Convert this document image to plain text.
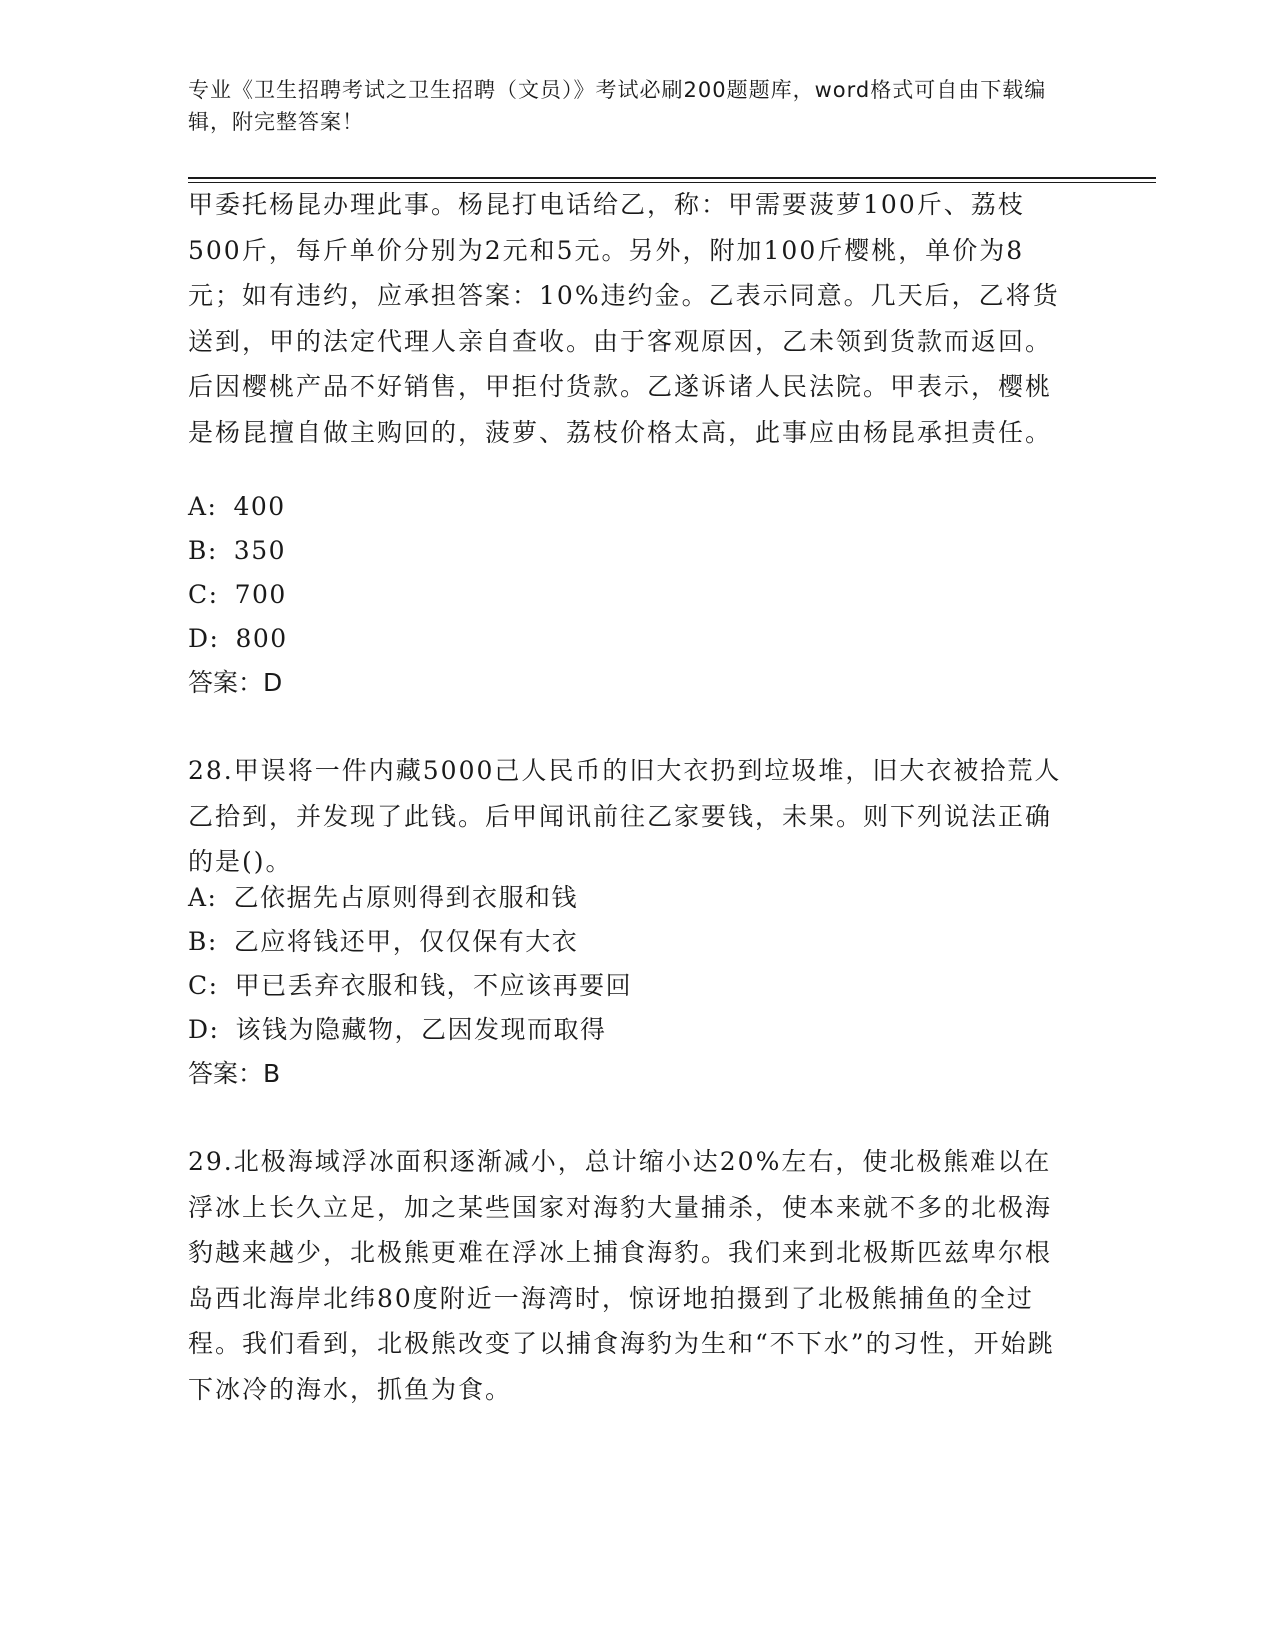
专业《卫生招聘考试之卫生招聘（文员）》考试必刷200题题库，word格式可自由下载编辑，附完整答案！

甲委托杨昆办理此事。杨昆打电话给乙，称：甲需要菠萝100斤、荔枝500斤，每斤单价分别为2元和5元。另外，附加100斤樱桃，单价为8元；如有违约，应承担答案：10%违约金。乙表示同意。几天后，乙将货送到，甲的法定代理人亲自查收。由于客观原因，乙未领到货款而返回。后因樱桃产品不好销售，甲拒付货款。乙遂诉诸人民法院。甲表示，樱桃是杨昆擅自做主购回的，菠萝、荔枝价格太高，此事应由杨昆承担责任。

A: 400
B: 350
C: 700
D: 800
答案：D

28.甲误将一件内藏5000己人民币的旧大衣扔到垃圾堆，旧大衣被拾荒人乙拾到，并发现了此钱。后甲闻讯前往乙家要钱，未果。则下列说法正确的是()。

A: 乙依据先占原则得到衣服和钱
B: 乙应将钱还甲，仅仅保有大衣
C: 甲已丢弃衣服和钱，不应该再要回
D: 该钱为隐藏物，乙因发现而取得
答案：B

29.北极海域浮冰面积逐渐减小，总计缩小达20%左右，使北极熊难以在浮冰上长久立足，加之某些国家对海豹大量捕杀，使本来就不多的北极海豹越来越少，北极熊更难在浮冰上捕食海豹。我们来到北极斯匹兹卑尔根岛西北海岸北纬80度附近一海湾时，惊讶地拍摄到了北极熊捕鱼的全过程。我们看到，北极熊改变了以捕食海豹为生和“不下水”的习性，开始跳下冰冷的海水，抓鱼为食。
